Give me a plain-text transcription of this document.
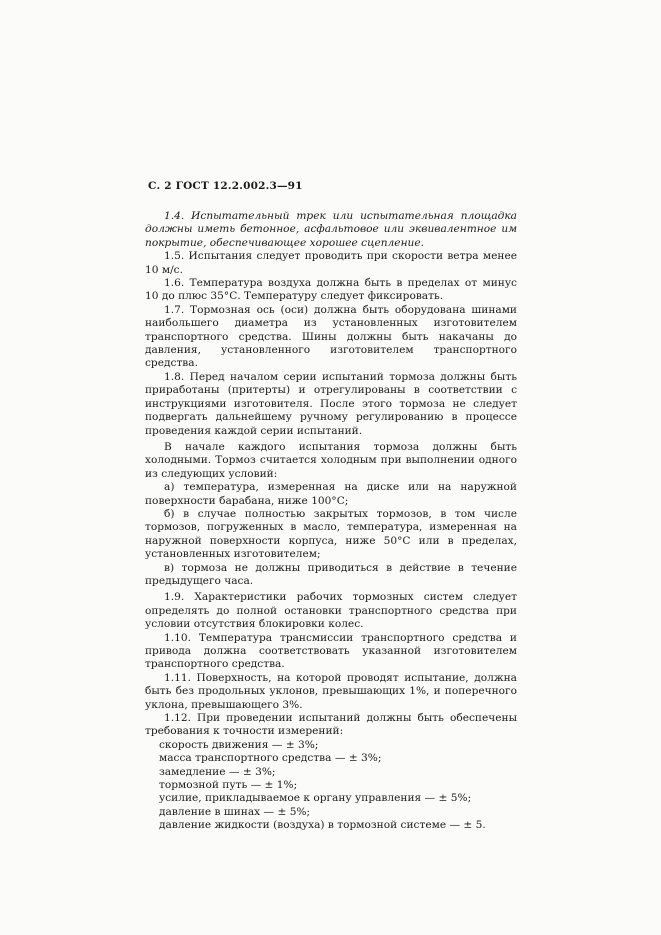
С. 2 ГОСТ 12.2.002.3—91

1.4. Испытательный трек или испытательная площадка должны иметь бетонное, асфальтовое или эквивалентное им покрытие, обеспечивающее хорошее сцепление.

1.5. Испытания следует проводить при скорости ветра менее 10 м/с.

1.6. Температура воздуха должна быть в пределах от минус 10 до плюс 35°С. Температуру следует фиксировать.

1.7. Тормозная ось (оси) должна быть оборудована шинами наибольшего диаметра из установленных изготовителем транспортного средства. Шины должны быть накачаны до давления, установленного изготовителем транспортного средства.

1.8. Перед началом серии испытаний тормоза должны быть приработаны (притерты) и отрегулированы в соответствии с инструкциями изготовителя. После этого тормоза не следует подвергать дальнейшему ручному регулированию в процессе проведения каждой серии испытаний.

В начале каждого испытания тормоза должны быть холодными. Тормоз считается холодным при выполнении одного из следующих условий:

а) температура, измеренная на диске или на наружной поверхности барабана, ниже 100°С;

б) в случае полностью закрытых тормозов, в том числе тормозов, погруженных в масло, температура, измеренная на наружной поверхности корпуса, ниже 50°С или в пределах, установленных изготовителем;

в) тормоза не должны приводиться в действие в течение предыдущего часа.

1.9. Характеристики рабочих тормозных систем следует определять до полной остановки транспортного средства при условии отсутствия блокировки колес.

1.10. Температура трансмиссии транспортного средства и привода должна соответствовать указанной изготовителем транспортного средства.

1.11. Поверхность, на которой проводят испытание, должна быть без продольных уклонов, превышающих 1%, и поперечного уклона, превышающего 3%.

1.12. При проведении испытаний должны быть обеспечены требования к точности измерений:

скорость движения — ± 3%;

масса транспортного средства — ± 3%;

замедление — ± 3%;

тормозной путь — ± 1%;

усилие, прикладываемое к органу управления — ± 5%;

давление в шинах — ± 5%;

давление жидкости (воздуха) в тормозной системе — ± 5.
